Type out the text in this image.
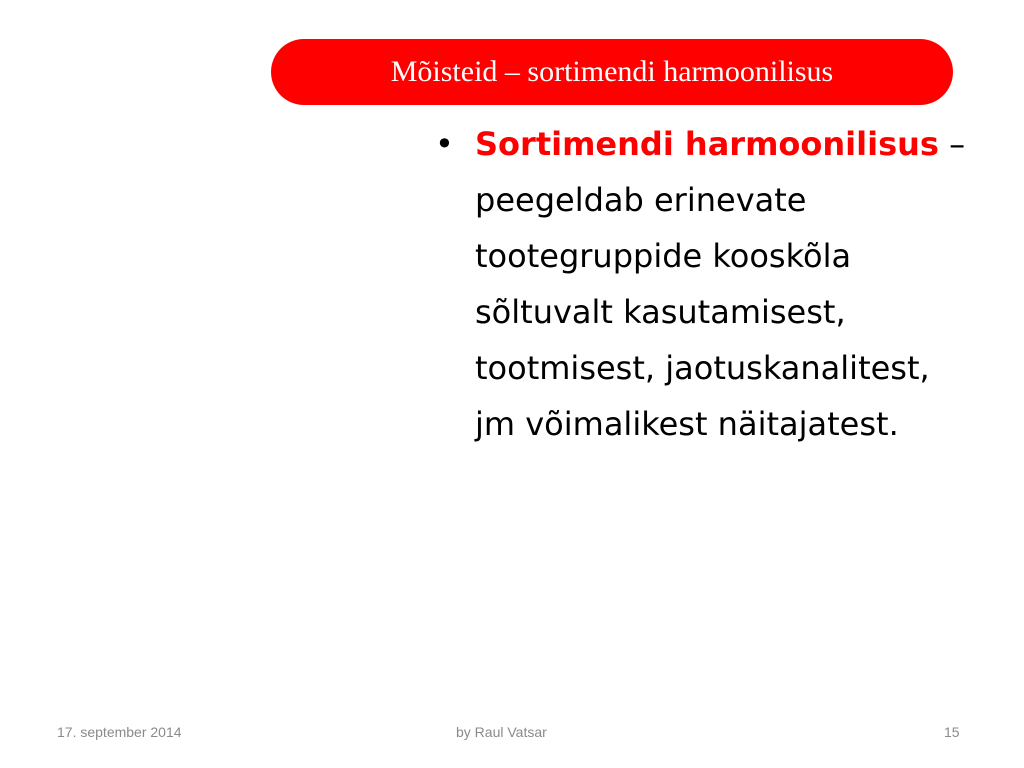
Mõisteid – sortimendi harmoonilisus
• Sortimendi harmoonilisus –
peegeldab erinevate
tootegruppide kooskõla
sõltuvalt kasutamisest,
tootmisest, jaotuskanalitest,
jm võimalikest näitajatest.
17. september 2014	by Raul Vatsar	15
